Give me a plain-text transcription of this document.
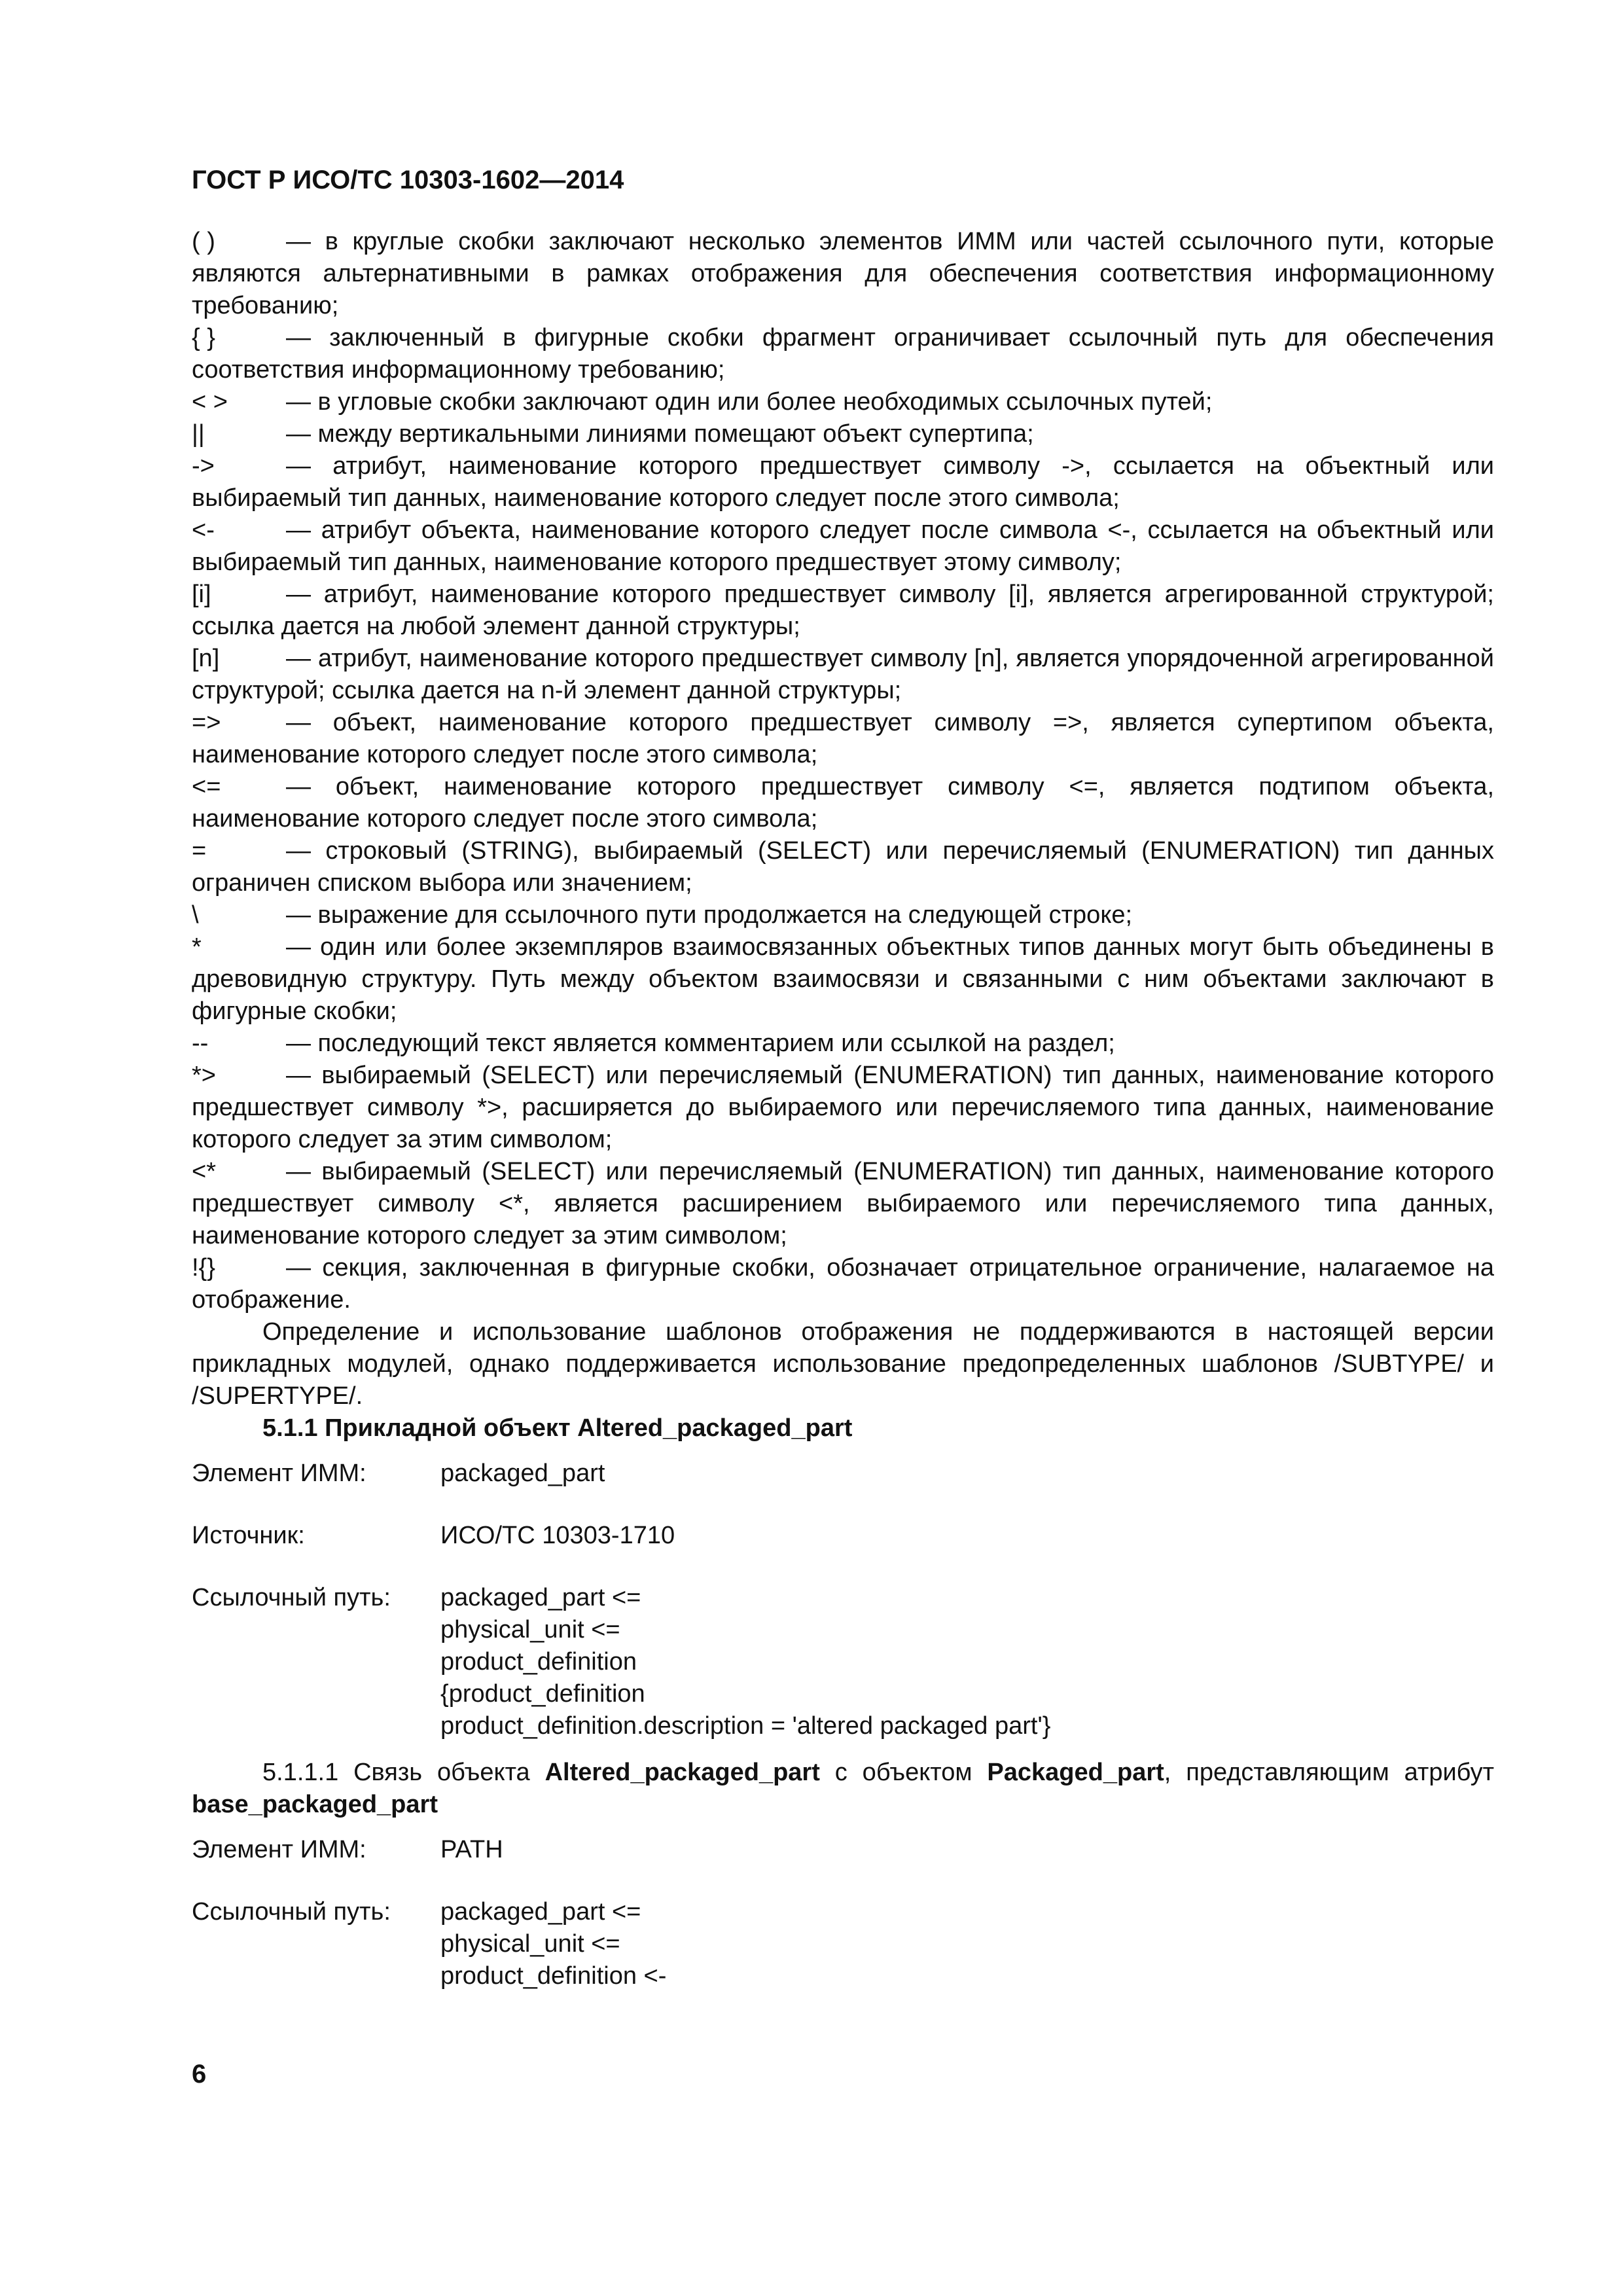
ГОСТ Р ИСО/ТС 10303-1602—2014
( )	— в круглые скобки заключают несколько элементов ИММ или частей ссылочного пути, которые являются альтернативными в рамках отображения для обеспечения соответствия информационному требованию;
{ }	— заключенный в фигурные скобки фрагмент ограничивает ссылочный путь для обеспечения соответствия информационному требованию;
< > — в угловые скобки заключают один или более необходимых ссылочных путей;
||	— между вертикальными линиями помещают объект супертипа;
->	— атрибут, наименование которого предшествует символу ->, ссылается на объектный или выбираемый тип данных, наименование которого следует после этого символа;
<-	— атрибут объекта, наименование которого следует после символа <-, ссылается на объектный или выбираемый тип данных, наименование которого предшествует этому символу;
[i]	— атрибут, наименование которого предшествует символу [i], является агрегированной структурой; ссылка дается на любой элемент данной структуры;
[n]	— атрибут, наименование которого предшествует символу [n], является упорядоченной агрегированной структурой; ссылка дается на n-й элемент данной структуры;
=>	— объект, наименование которого предшествует символу =>, является супертипом объекта, наименование которого следует после этого символа;
<=	— объект, наименование которого предшествует символу <=, является подтипом объекта, наименование которого следует после этого символа;
=	— строковый (STRING), выбираемый (SELECT) или перечисляемый (ENUMERATION) тип данных ограничен списком выбора или значением;
\	— выражение для ссылочного пути продолжается на следующей строке;
*	— один или более экземпляров взаимосвязанных объектных типов данных могут быть объединены в древовидную структуру. Путь между объектом взаимосвязи и связанными с ним объектами заключают в фигурные скобки;
--	— последующий текст является комментарием или ссылкой на раздел;
*>	— выбираемый (SELECT) или перечисляемый (ENUMERATION) тип данных, наименование которого предшествует символу *>, расширяется до выбираемого или перечисляемого типа данных, наименование которого следует за этим символом;
<*	— выбираемый (SELECT) или перечисляемый (ENUMERATION) тип данных, наименование которого предшествует символу <*, является расширением выбираемого или перечисляемого типа данных, наименование которого следует за этим символом;
!{}	— секция, заключенная в фигурные скобки, обозначает отрицательное ограничение, налагаемое на отображение.

Определение и использование шаблонов отображения не поддерживаются в настоящей версии прикладных модулей, однако поддерживается использование предопределенных шаблонов /SUBTYPE/ и /SUPERTYPE/.

5.1.1 Прикладной объект Altered_packaged_part
Элемент ИММ:	packaged_part
Источник:	ИСО/ТС 10303-1710
Ссылочный путь:	packaged_part <=
physical_unit <=
product_definition
{product_definition
product_definition.description = 'altered packaged part'}

5.1.1.1 Связь объекта Altered_packaged_part с объектом Packaged_part, представляющим атрибут base_packaged_part

Элемент ИММ:	PATH
Ссылочный путь:	packaged_part <=
physical_unit <=
product_definition <-
6
